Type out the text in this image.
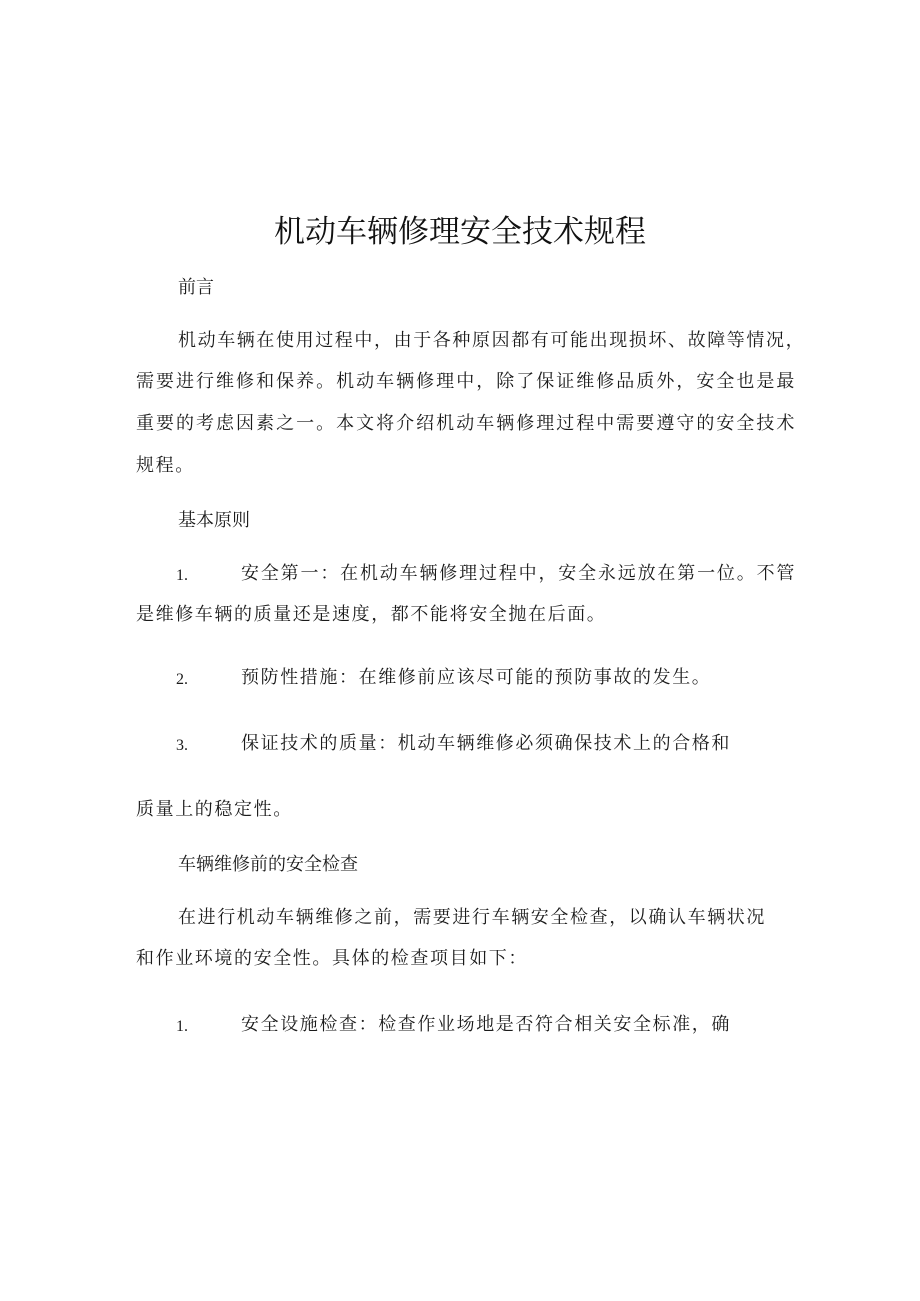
机动车辆修理安全技术规程
前言
机动车辆在使用过程中，由于各种原因都有可能出现损坏、故障等情况，
需要进行维修和保养。机动车辆修理中，除了保证维修品质外，安全也是最
重要的考虑因素之一。本文将介绍机动车辆修理过程中需要遵守的安全技术
规程。
基本原则
1.	安全第一：在机动车辆修理过程中，安全永远放在第一位。不管
是维修车辆的质量还是速度，都不能将安全抛在后面。
2.	预防性措施：在维修前应该尽可能的预防事故的发生。
3.	保证技术的质量：机动车辆维修必须确保技术上的合格和
质量上的稳定性。
车辆维修前的安全检查
在进行机动车辆维修之前，需要进行车辆安全检查，以确认车辆状况
和作业环境的安全性。具体的检查项目如下：
1.	安全设施检查：检查作业场地是否符合相关安全标准，确
